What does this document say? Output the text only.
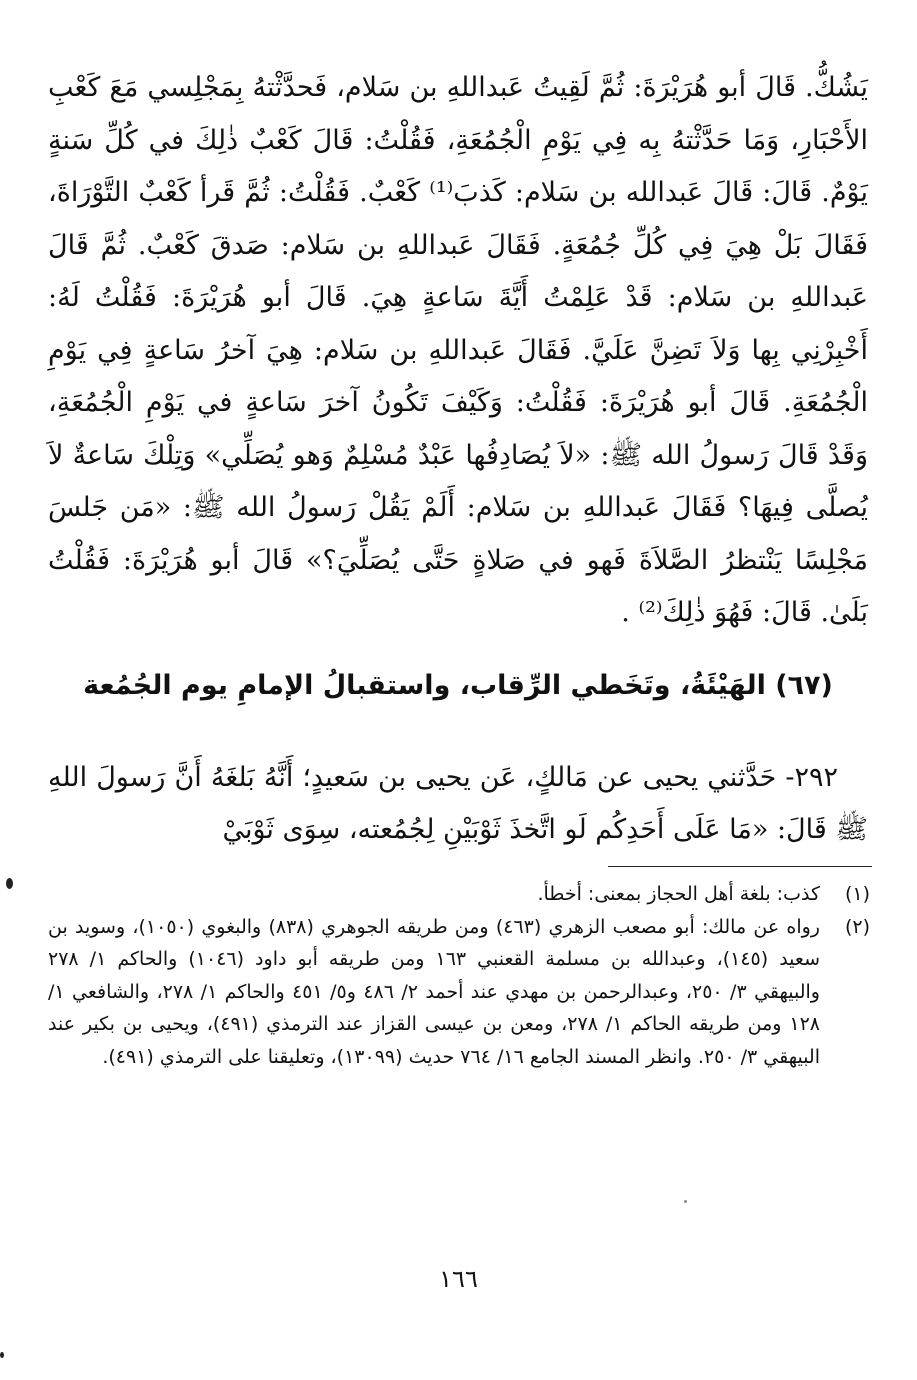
يَشُكُّ. قَالَ أبو هُرَيْرَةَ: ثُمَّ لَقِيتُ عَبداللهِ بن سَلام، فَحدَّثْتهُ بِمَجْلِسي مَعَ كَعْبِ الأَحْبَارِ، وَمَا حَدَّثْتهُ بِه فِي يَوْمِ الْجُمُعَةِ، فَقُلْتُ: قَالَ كَعْبٌ ذٰلِكَ في كُلِّ سَنةٍ يَوْمٌ. قَالَ: قَالَ عَبدالله بن سَلام: كَذبَ⁽¹⁾ كَعْبٌ. فَقُلْتُ: ثُمَّ قَرأ كَعْبٌ التَّوْرَاةَ، فَقَالَ بَلْ هِيَ فِي كُلِّ جُمُعَةٍ. فَقَالَ عَبداللهِ بن سَلام: صَدقَ كَعْبٌ. ثُمَّ قَالَ عَبداللهِ بن سَلام: قَدْ عَلِمْتُ أَيَّةَ سَاعةٍ هِيَ. قَالَ أبو هُرَيْرَةَ: فَقُلْتُ لَهُ: أَخْبِرْنِي بِها وَلاَ تَضِنَّ عَلَيَّ. فَقَالَ عَبداللهِ بن سَلام: هِيَ آخرُ سَاعةٍ فِي يَوْمِ الْجُمُعَةِ. قَالَ أبو هُرَيْرَةَ: فَقُلْتُ: وَكَيْفَ تَكُونُ آخرَ سَاعةٍ في يَوْمِ الْجُمُعَةِ، وَقَدْ قَالَ رَسولُ الله ﷺ: «لاَ يُصَادِفُها عَبْدٌ مُسْلِمٌ وَهو يُصَلِّي» وَتِلْكَ سَاعةٌ لاَ يُصلَّى فِيهَا؟ فَقَالَ عَبداللهِ بن سَلام: أَلَمْ يَقُلْ رَسولُ الله ﷺ: «مَن جَلسَ مَجْلِسًا يَنْتظرُ الصَّلاَةَ فَهو في صَلاةٍ حَتَّى يُصَلِّيَ؟» قَالَ أبو هُرَيْرَةَ: فَقُلْتُ بَلَىٰ. قَالَ: فَهُوَ ذٰلِكَ⁽²⁾ .

(٦٧) الهَيْئَةُ، وتَخَطي الرِّقاب، واستقبالُ الإمامِ يوم الجُمُعة

٢٩٢- حَدَّثني يحيى عن مَالكٍ، عَن يحيى بن سَعيدٍ؛ أَنَّهُ بَلغَهُ أَنَّ رَسولَ اللهِ ﷺ قَالَ: «مَا عَلَى أَحَدِكُم لَو اتَّخذَ ثَوْبَيْنِ لِجُمُعته، سِوَى ثَوْبَيْ

(١)
كذب: بلغة أهل الحجاز بمعنى: أخطأ.
(٢)
رواه عن مالك: أبو مصعب الزهري (٤٦٣) ومن طريقه الجوهري (٨٣٨) والبغوي (١٠٥٠)، وسويد بن سعيد (١٤٥)، وعبدالله بن مسلمة القعنبي ١٦٣ ومن طريقه أبو داود (١٠٤٦) والحاكم ١/ ٢٧٨ والبيهقي ٣/ ٢٥٠، وعبدالرحمن بن مهدي عند أحمد ٢/ ٤٨٦ و٥/ ٤٥١ والحاكم ١/ ٢٧٨، والشافعي ١/ ١٢٨ ومن طريقه الحاكم ١/ ٢٧٨، ومعن بن عيسى القزاز عند الترمذي (٤٩١)، ويحيى بن بكير عند البيهقي ٣/ ٢٥٠. وانظر المسند الجامع ١٦/ ٧٦٤ حديث (١٣٠٩٩)، وتعليقنا على الترمذي (٤٩١).
١٦٦
